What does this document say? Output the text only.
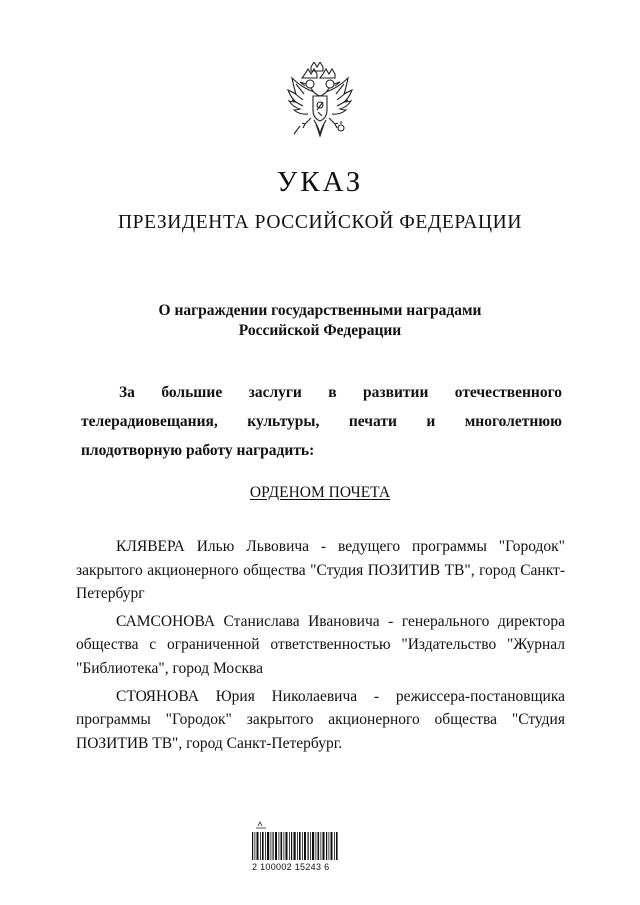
УКАЗ
ПРЕЗИДЕНТА РОССИЙСКОЙ ФЕДЕРАЦИИ
О награждении государственными наградами
Российской Федерации
За большие заслуги в развитии отечественного телерадиовещания, культуры, печати и многолетнюю плодотворную работу наградить:
ОРДЕНОМ ПОЧЕТА

КЛЯВЕРА Илью Львовича - ведущего программы "Городок" закрытого акционерного общества "Студия ПОЗИТИВ ТВ", город Санкт-Петербург

САМСОНОВА Станислава Ивановича - генерального директора общества с ограниченной ответственностью "Издательство "Журнал "Библиотека", город Москва

СТОЯНОВА Юрия Николаевича - режиссера-постановщика программы "Городок" закрытого акционерного общества "Студия ПОЗИТИВ ТВ", город Санкт-Петербург.

2 100002 15243 6
